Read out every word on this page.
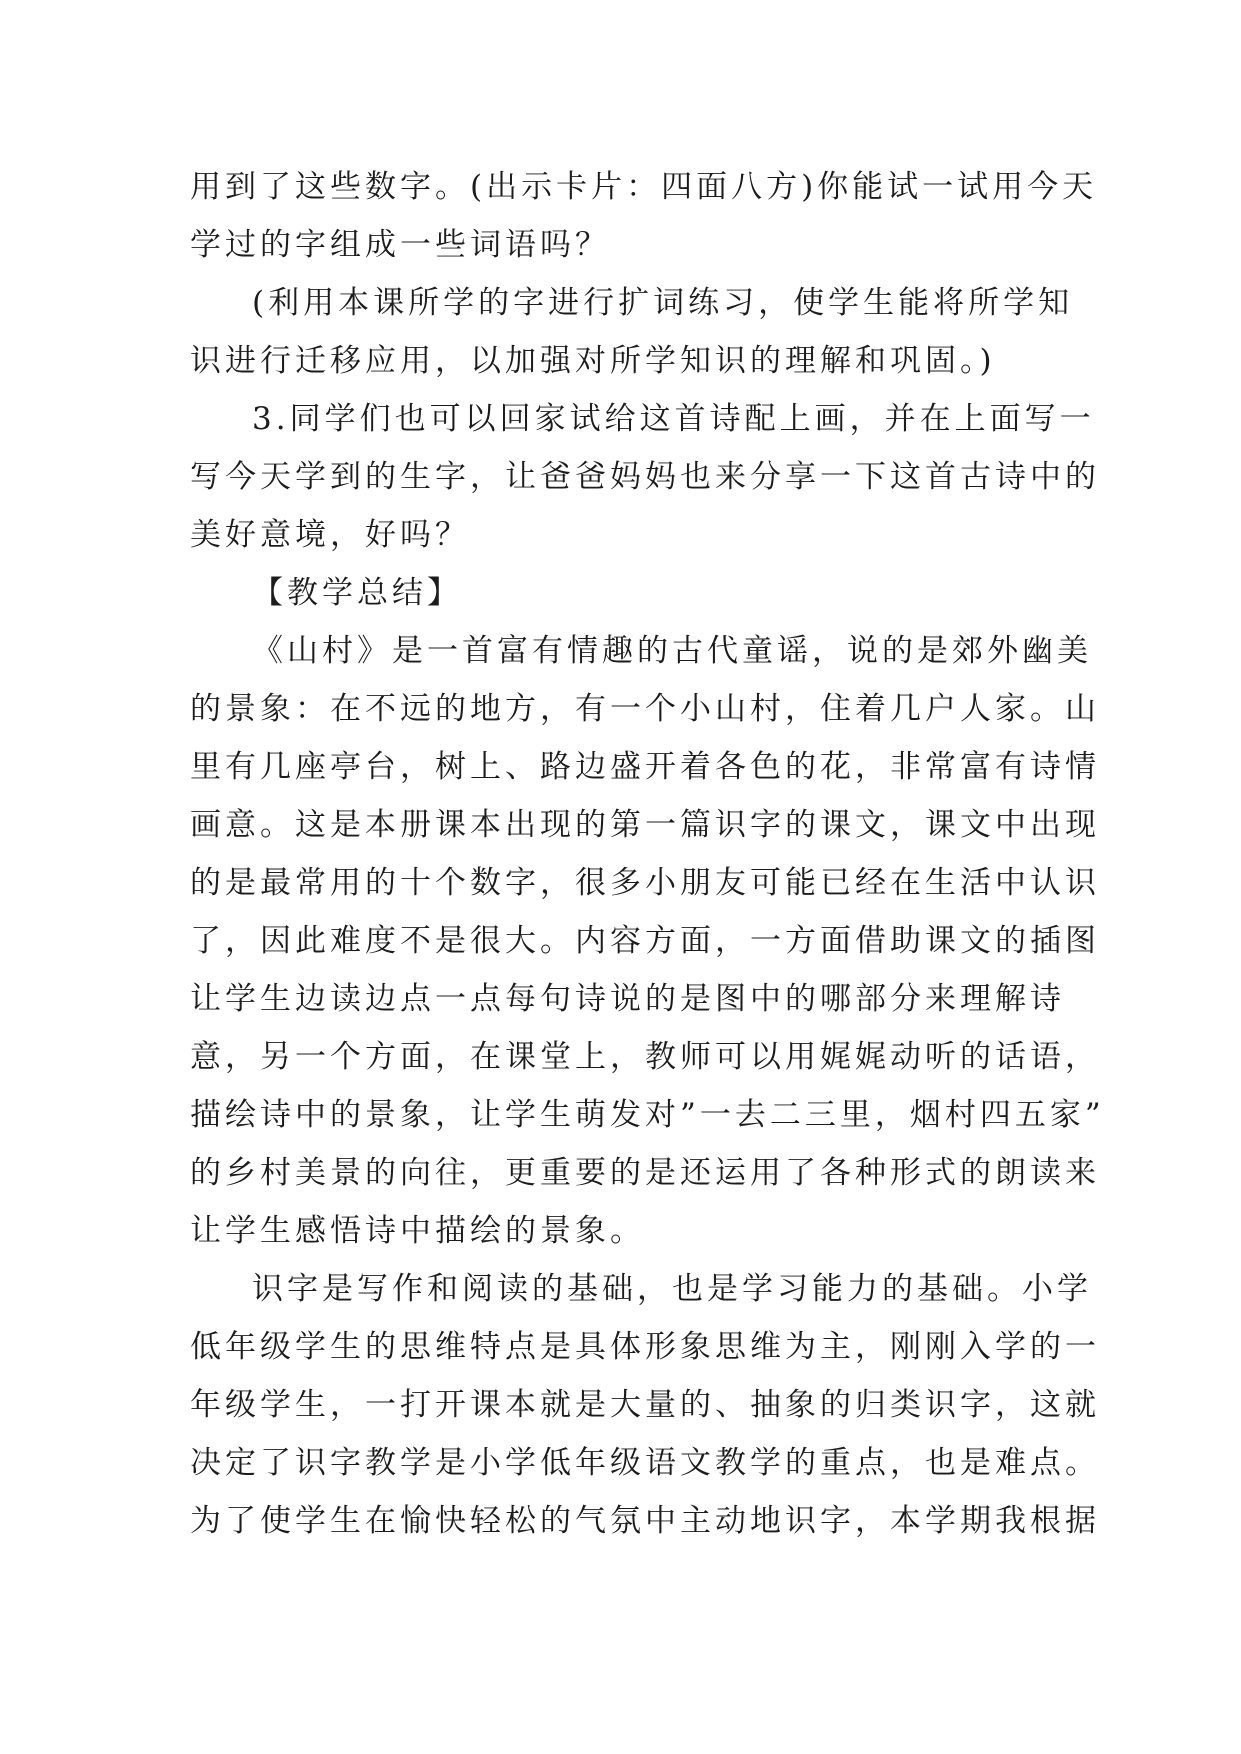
用到了这些数字。(出示卡片：四面八方)你能试一试用今天
学过的字组成一些词语吗？
(利用本课所学的字进行扩词练习，使学生能将所学知
识进行迁移应用，以加强对所学知识的理解和巩固。)
3.同学们也可以回家试给这首诗配上画，并在上面写一
写今天学到的生字，让爸爸妈妈也来分享一下这首古诗中的
美好意境，好吗？
【教学总结】
《山村》是一首富有情趣的古代童谣，说的是郊外幽美
的景象：在不远的地方，有一个小山村，住着几户人家。山
里有几座亭台，树上、路边盛开着各色的花，非常富有诗情
画意。这是本册课本出现的第一篇识字的课文，课文中出现
的是最常用的十个数字，很多小朋友可能已经在生活中认识
了，因此难度不是很大。内容方面，一方面借助课文的插图
让学生边读边点一点每句诗说的是图中的哪部分来理解诗
意，另一个方面，在课堂上，教师可以用娓娓动听的话语，
描绘诗中的景象，让学生萌发对”一去二三里，烟村四五家”
的乡村美景的向往，更重要的是还运用了各种形式的朗读来
让学生感悟诗中描绘的景象。
识字是写作和阅读的基础，也是学习能力的基础。小学
低年级学生的思维特点是具体形象思维为主，刚刚入学的一
年级学生，一打开课本就是大量的、抽象的归类识字，这就
决定了识字教学是小学低年级语文教学的重点，也是难点。
为了使学生在愉快轻松的气氛中主动地识字，本学期我根据
